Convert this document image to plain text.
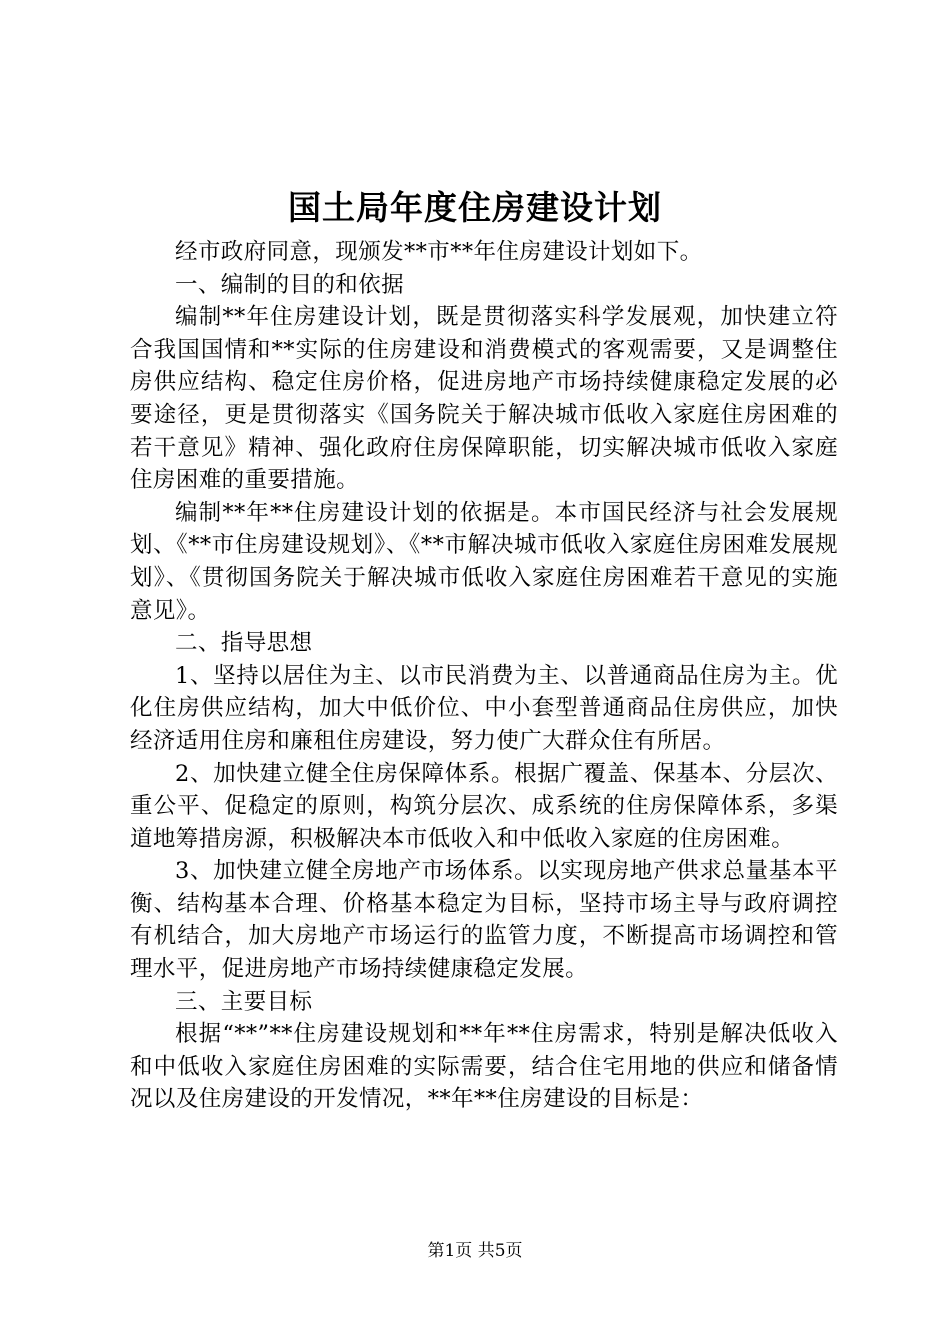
国土局年度住房建设计划

经市政府同意，现颁发**市**年住房建设计划如下。

一、编制的目的和依据

编制**年住房建设计划，既是贯彻落实科学发展观，加快建立符合我国国情和**实际的住房建设和消费模式的客观需要，又是调整住房供应结构、稳定住房价格，促进房地产市场持续健康稳定发展的必要途径，更是贯彻落实《国务院关于解决城市低收入家庭住房困难的若干意见》精神、强化政府住房保障职能，切实解决城市低收入家庭住房困难的重要措施。

编制**年**住房建设计划的依据是。本市国民经济与社会发展规划、《**市住房建设规划》、《**市解决城市低收入家庭住房困难发展规划》、《贯彻国务院关于解决城市低收入家庭住房困难若干意见的实施意见》。

二、指导思想

1、坚持以居住为主、以市民消费为主、以普通商品住房为主。优化住房供应结构，加大中低价位、中小套型普通商品住房供应，加快经济适用住房和廉租住房建设，努力使广大群众住有所居。

2、加快建立健全住房保障体系。根据广覆盖、保基本、分层次、重公平、促稳定的原则，构筑分层次、成系统的住房保障体系，多渠道地筹措房源，积极解决本市低收入和中低收入家庭的住房困难。

3、加快建立健全房地产市场体系。以实现房地产供求总量基本平衡、结构基本合理、价格基本稳定为目标，坚持市场主导与政府调控有机结合，加大房地产市场运行的监管力度，不断提高市场调控和管理水平，促进房地产市场持续健康稳定发展。

三、主要目标

根据“**”**住房建设规划和**年**住房需求，特别是解决低收入和中低收入家庭住房困难的实际需要，结合住宅用地的供应和储备情况以及住房建设的开发情况，**年**住房建设的目标是：

第1页 共5页
